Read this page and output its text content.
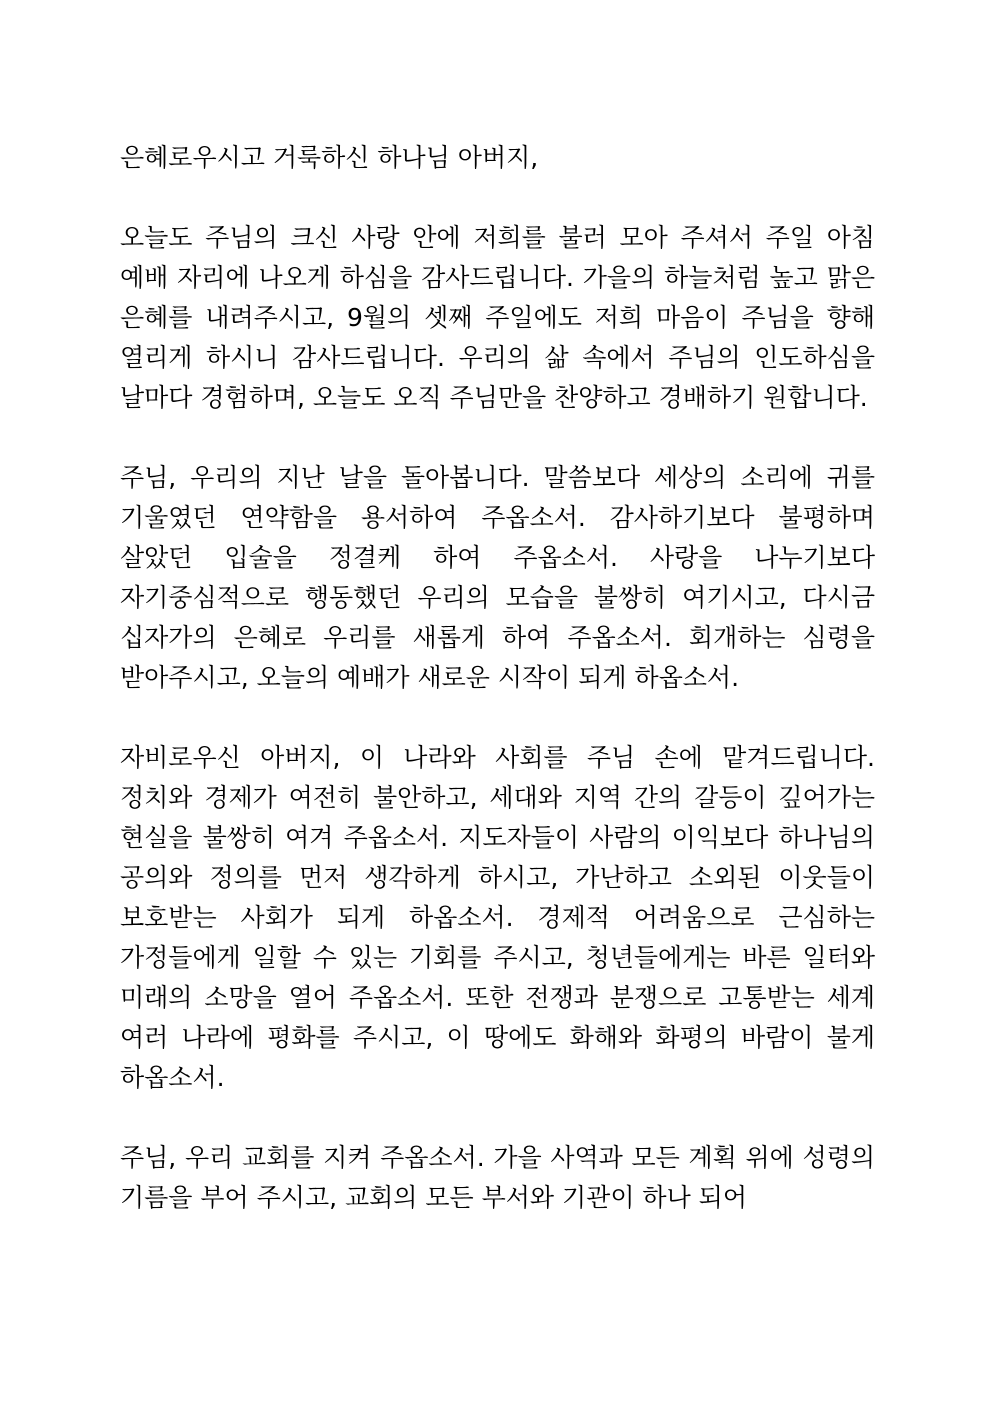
은혜로우시고 거룩하신 하나님 아버지,

오늘도 주님의 크신 사랑 안에 저희를 불러 모아 주셔서 주일 아침 예배 자리에 나오게 하심을 감사드립니다. 가을의 하늘처럼 높고 맑은 은혜를 내려주시고, 9월의 셋째 주일에도 저희 마음이 주님을 향해 열리게 하시니 감사드립니다. 우리의 삶 속에서 주님의 인도하심을 날마다 경험하며, 오늘도 오직 주님만을 찬양하고 경배하기 원합니다.

주님, 우리의 지난 날을 돌아봅니다. 말씀보다 세상의 소리에 귀를 기울였던 연약함을 용서하여 주옵소서. 감사하기보다 불평하며 살았던 입술을 정결케 하여 주옵소서. 사랑을 나누기보다 자기중심적으로 행동했던 우리의 모습을 불쌍히 여기시고, 다시금 십자가의 은혜로 우리를 새롭게 하여 주옵소서. 회개하는 심령을 받아주시고, 오늘의 예배가 새로운 시작이 되게 하옵소서.

자비로우신 아버지, 이 나라와 사회를 주님 손에 맡겨드립니다. 정치와 경제가 여전히 불안하고, 세대와 지역 간의 갈등이 깊어가는 현실을 불쌍히 여겨 주옵소서. 지도자들이 사람의 이익보다 하나님의 공의와 정의를 먼저 생각하게 하시고, 가난하고 소외된 이웃들이 보호받는 사회가 되게 하옵소서. 경제적 어려움으로 근심하는 가정들에게 일할 수 있는 기회를 주시고, 청년들에게는 바른 일터와 미래의 소망을 열어 주옵소서. 또한 전쟁과 분쟁으로 고통받는 세계 여러 나라에 평화를 주시고, 이 땅에도 화해와 화평의 바람이 불게 하옵소서.

주님, 우리 교회를 지켜 주옵소서. 가을 사역과 모든 계획 위에 성령의 기름을 부어 주시고, 교회의 모든 부서와 기관이 하나 되어
